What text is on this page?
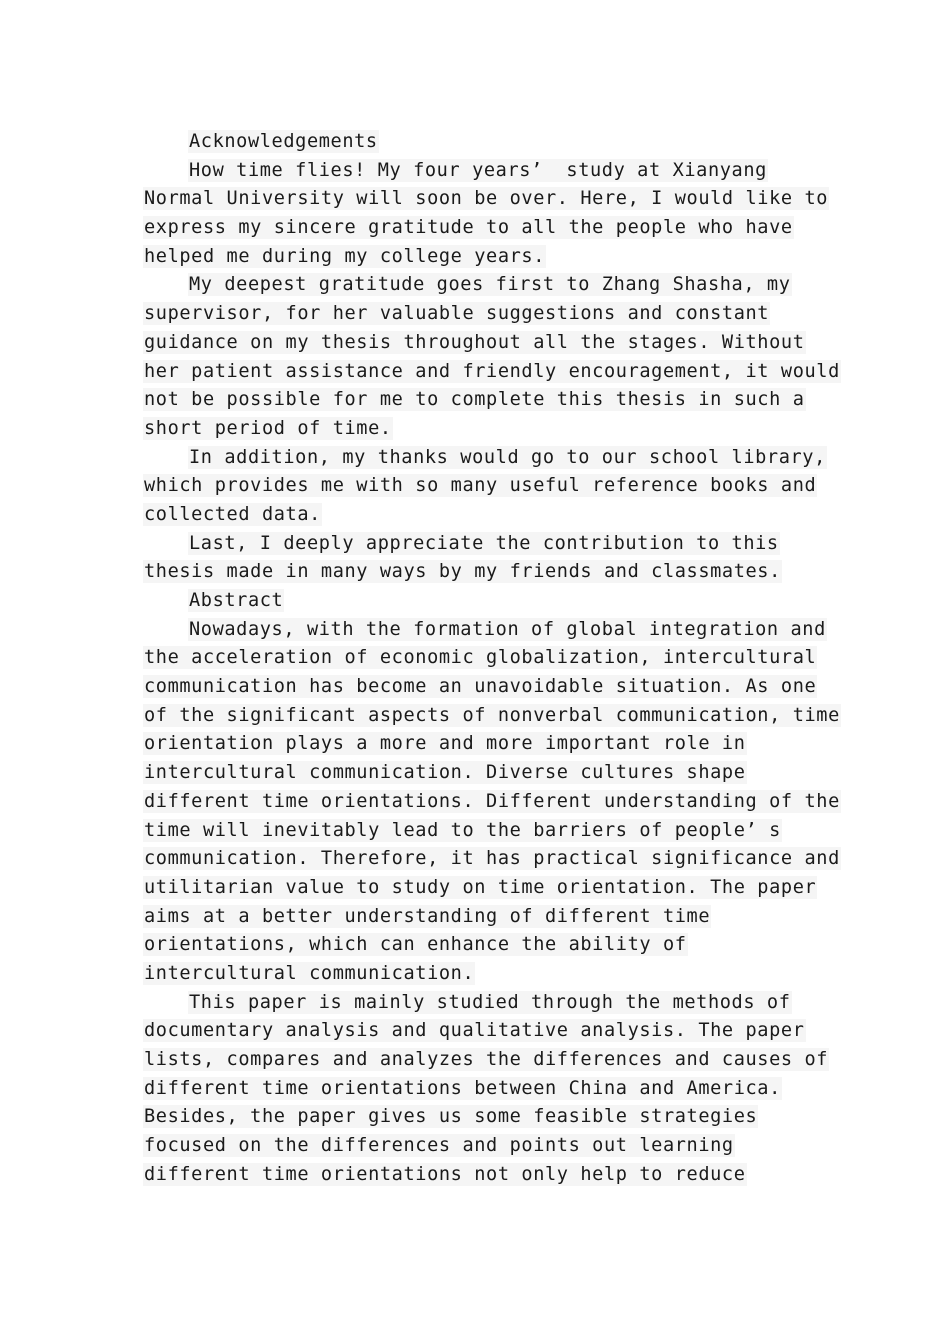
Acknowledgements
How time flies! My four years’  study at Xianyang
Normal University will soon be over. Here, I would like to
express my sincere gratitude to all the people who have
helped me during my college years.
My deepest gratitude goes first to Zhang Shasha, my
supervisor, for her valuable suggestions and constant
guidance on my thesis throughout all the stages. Without
her patient assistance and friendly encouragement, it would
not be possible for me to complete this thesis in such a
short period of time.
In addition, my thanks would go to our school library,
which provides me with so many useful reference books and
collected data.
Last, I deeply appreciate the contribution to this
thesis made in many ways by my friends and classmates.
Abstract
Nowadays, with the formation of global integration and
the acceleration of economic globalization, intercultural
communication has become an unavoidable situation. As one
of the significant aspects of nonverbal communication, time
orientation plays a more and more important role in
intercultural communication. Diverse cultures shape
different time orientations. Different understanding of the
time will inevitably lead to the barriers of people’ s
communication. Therefore, it has practical significance and
utilitarian value to study on time orientation. The paper
aims at a better understanding of different time
orientations, which can enhance the ability of
intercultural communication.
This paper is mainly studied through the methods of
documentary analysis and qualitative analysis. The paper
lists, compares and analyzes the differences and causes of
different time orientations between China and America.
Besides, the paper gives us some feasible strategies
focused on the differences and points out learning
different time orientations not only help to reduce
